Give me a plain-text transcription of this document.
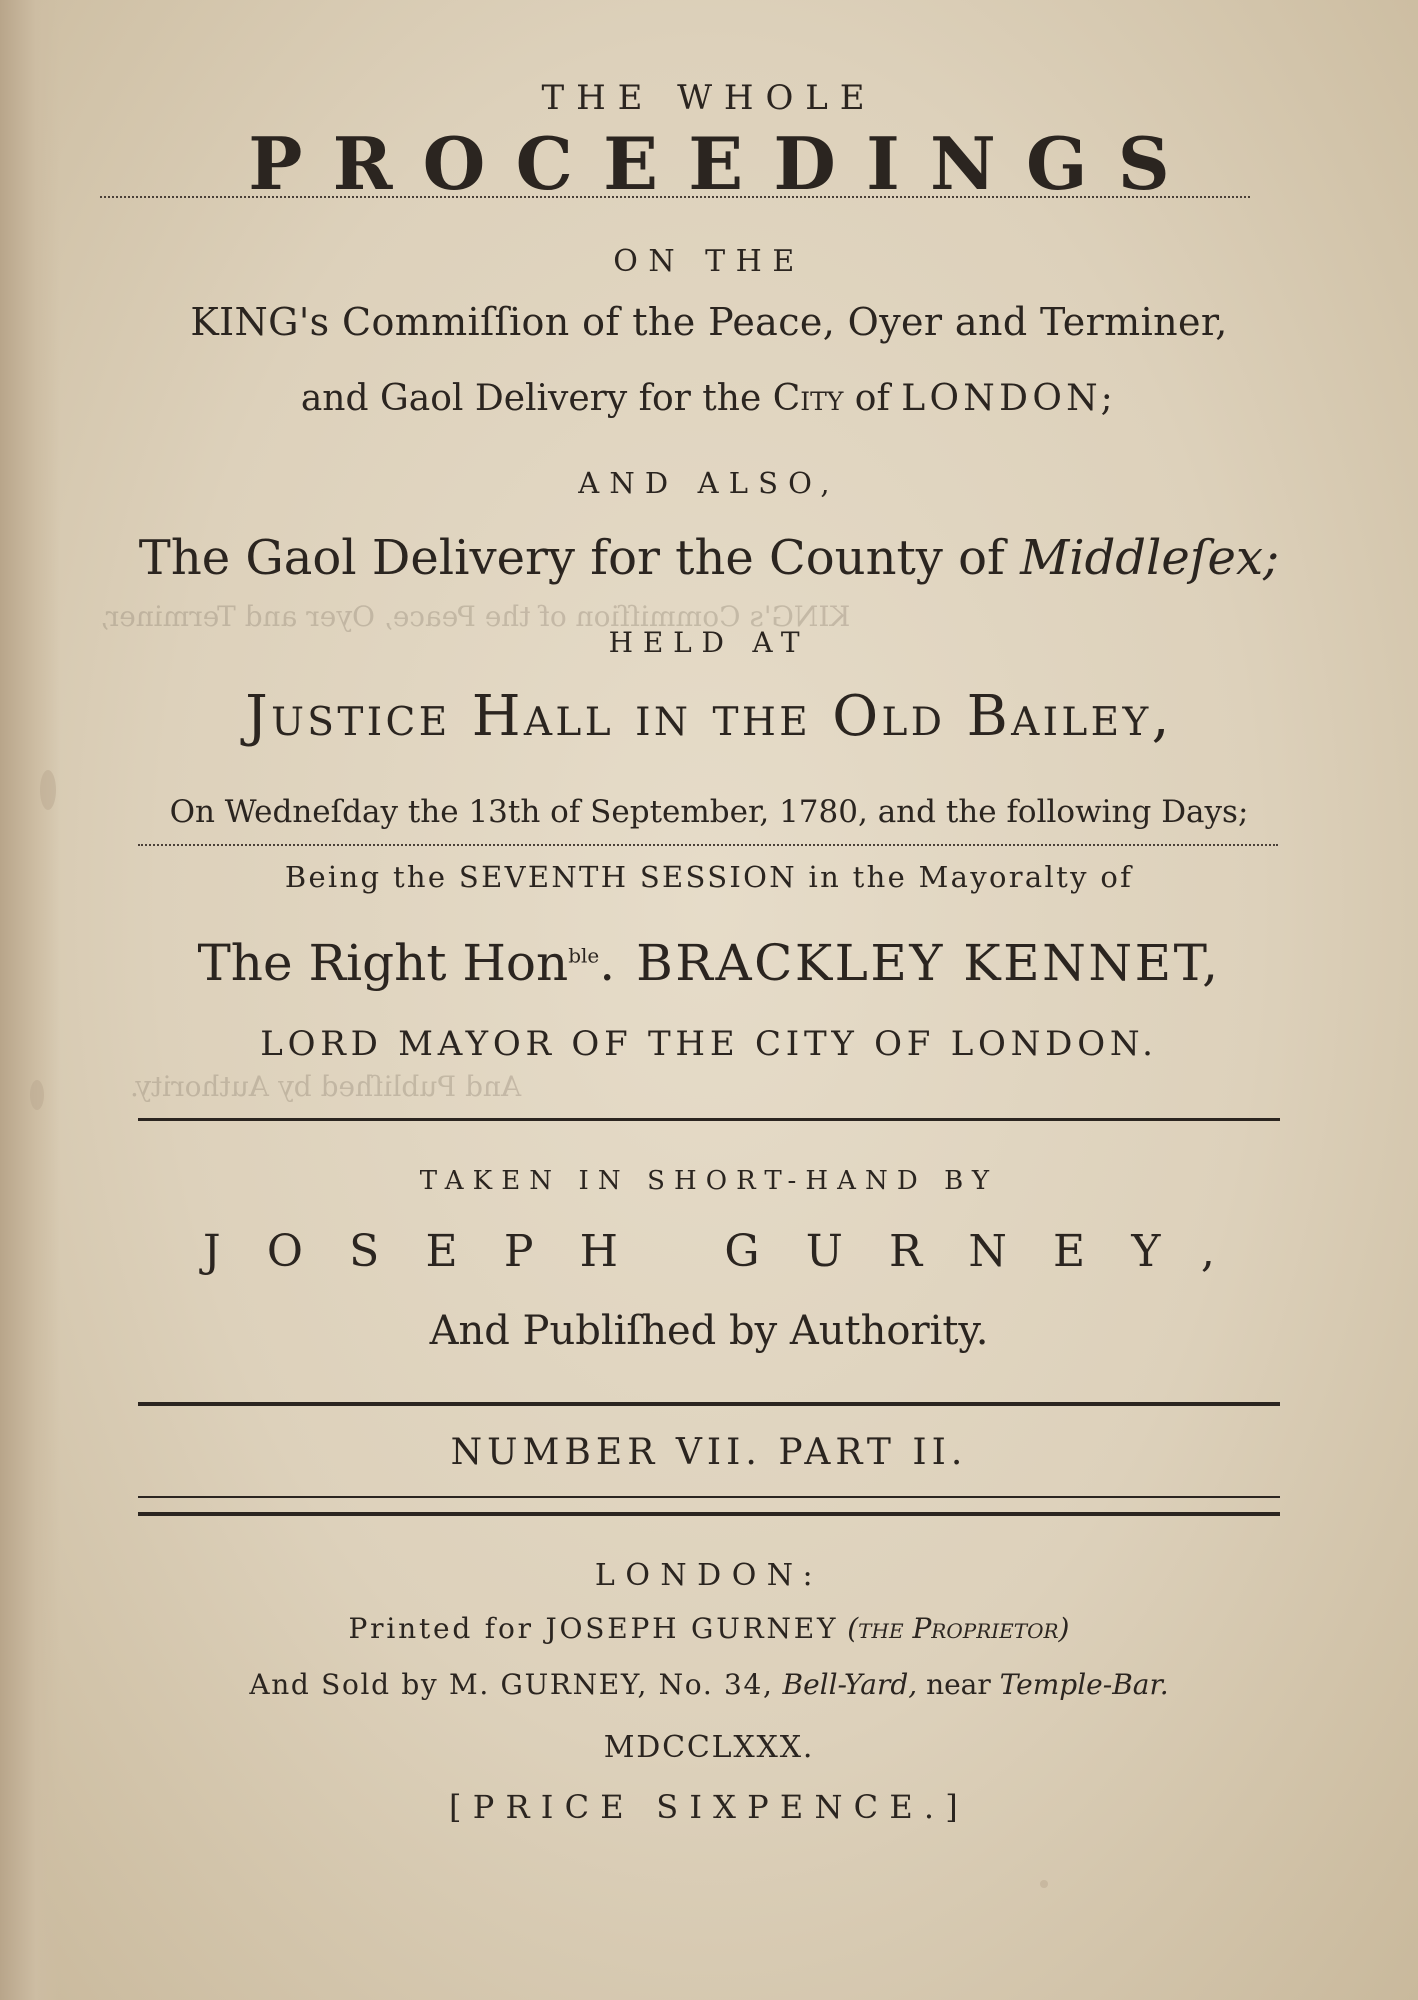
THE WHOLE
PROCEEDINGS
ON THE
KING's Commiſſion of the Peace, Oyer and Terminer,
and Gaol Delivery for the City of LONDON;
AND ALSO,
The Gaol Delivery for the County of Middleſex;
HELD AT
Justice Hall in the Old Bailey,
On Wedneſday the 13th of September, 1780, and the following Days;
Being the SEVENTH SESSION in the Mayoralty of
The Right Hon$^{ble}$. BRACKLEY KENNET,
LORD MAYOR OF THE CITY OF LONDON.
KING's Commiſſion of the Peace, Oyer and Terminer,
And Publiſhed by Authority.
TAKEN IN SHORT-HAND BY
JOSEPH GURNEY,
And Publiſhed by Authority.
NUMBER VII. PART II.
LONDON:
Printed for JOSEPH GURNEY (the Proprietor)
And Sold by M. GURNEY, No. 34, Bell-Yard, near Temple-Bar.
MDCCLXXX.
[PRICE SIXPENCE.]
